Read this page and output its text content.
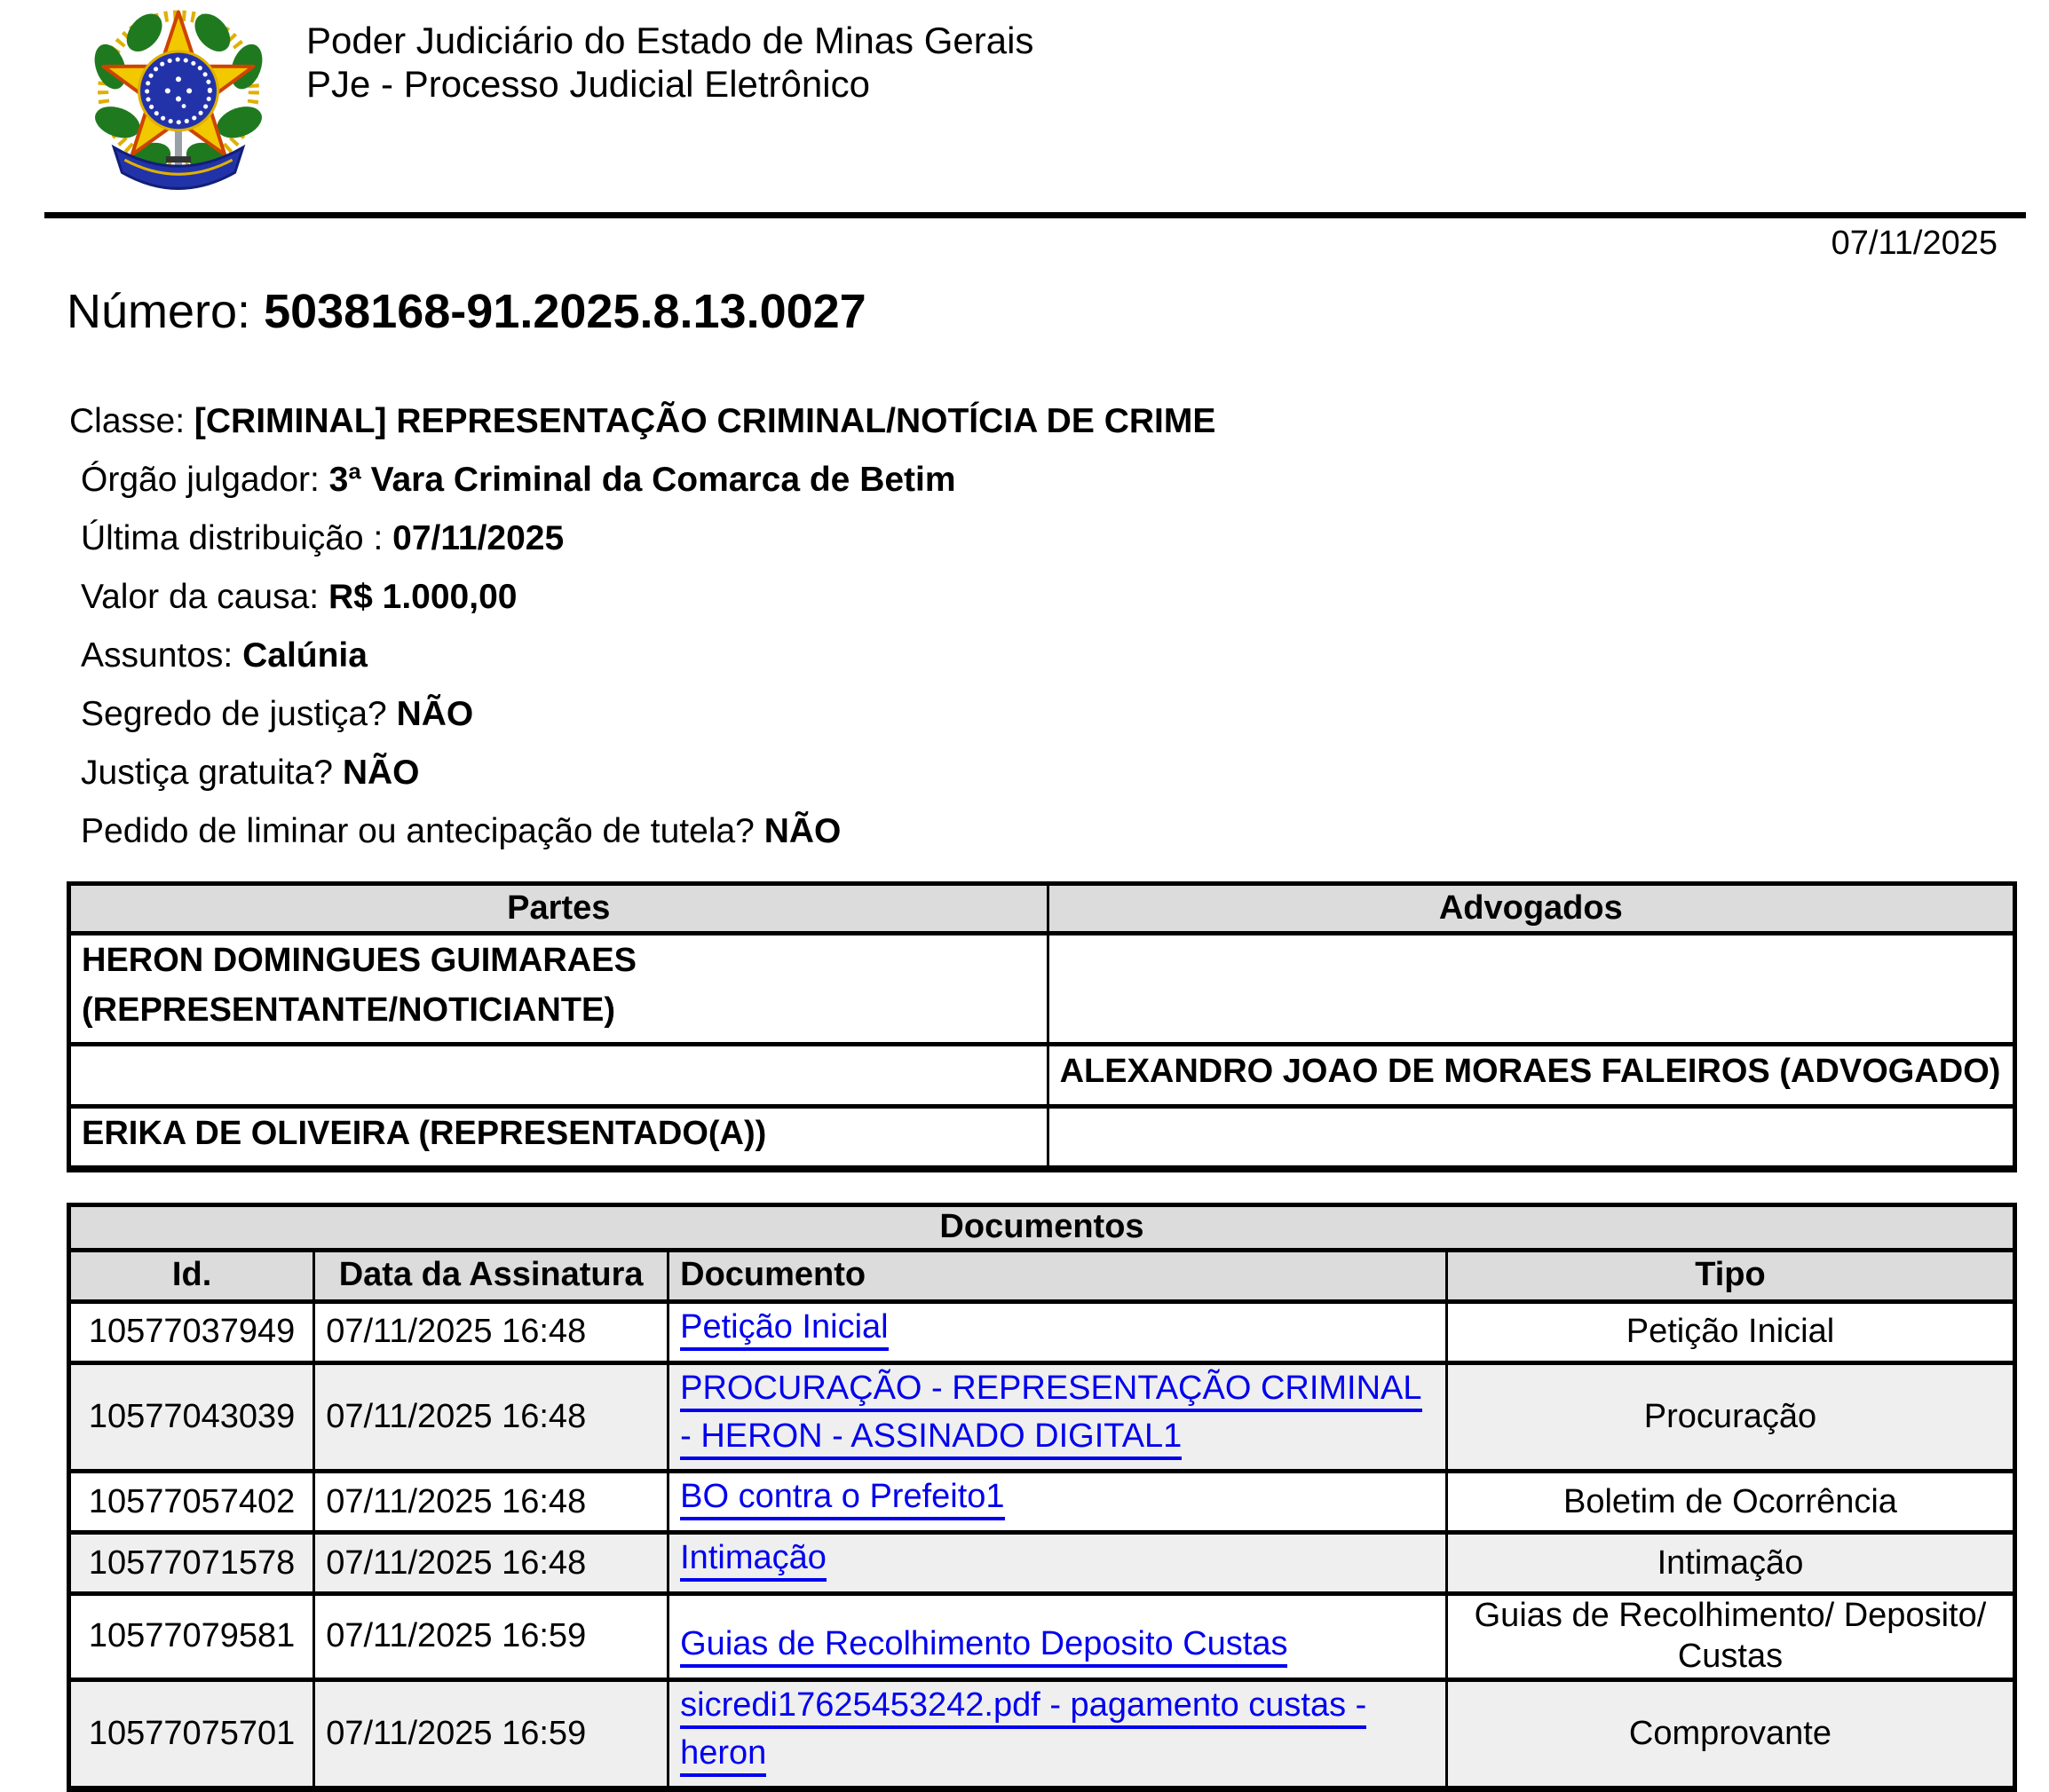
Poder Judiciário do Estado de Minas Gerais
PJe - Processo Judicial Eletrônico
07/11/2025
Número: 5038168-91.2025.8.13.0027
Classe: [CRIMINAL] REPRESENTAÇÃO CRIMINAL/NOTÍCIA DE CRIME
Órgão julgador: 3ª Vara Criminal da Comarca de Betim
Última distribuição : 07/11/2025
Valor da causa: R$ 1.000,00
Assuntos: Calúnia
Segredo de justiça? NÃO
Justiça gratuita? NÃO
Pedido de liminar ou antecipação de tutela? NÃO
Partes	Advogados

HERON DOMINGUES GUIMARAES
(REPRESENTANTE/NOTICIANTE)	

	ALEXANDRO JOAO DE MORAES FALEIROS (ADVOGADO)

ERIKA DE OLIVEIRA (REPRESENTADO(A))	

Documentos			
Id.	Data da Assinatura	Documento	Tipo
10577037949	07/11/2025 16:48	Petição Inicial	Petição Inicial
10577043039	07/11/2025 16:48	PROCURAÇÃO - REPRESENTAÇÃO CRIMINAL - HERON - ASSINADO DIGITAL1	Procuração
10577057402	07/11/2025 16:48	BO contra o Prefeito1	Boletim de Ocorrência
10577071578	07/11/2025 16:48	Intimação	Intimação
10577079581	07/11/2025 16:59	Guias de Recolhimento Deposito Custas	Guias de Recolhimento/ Deposito/ Custas
10577075701	07/11/2025 16:59	sicredi17625453242.pdf - pagamento custas - heron	Comprovante
